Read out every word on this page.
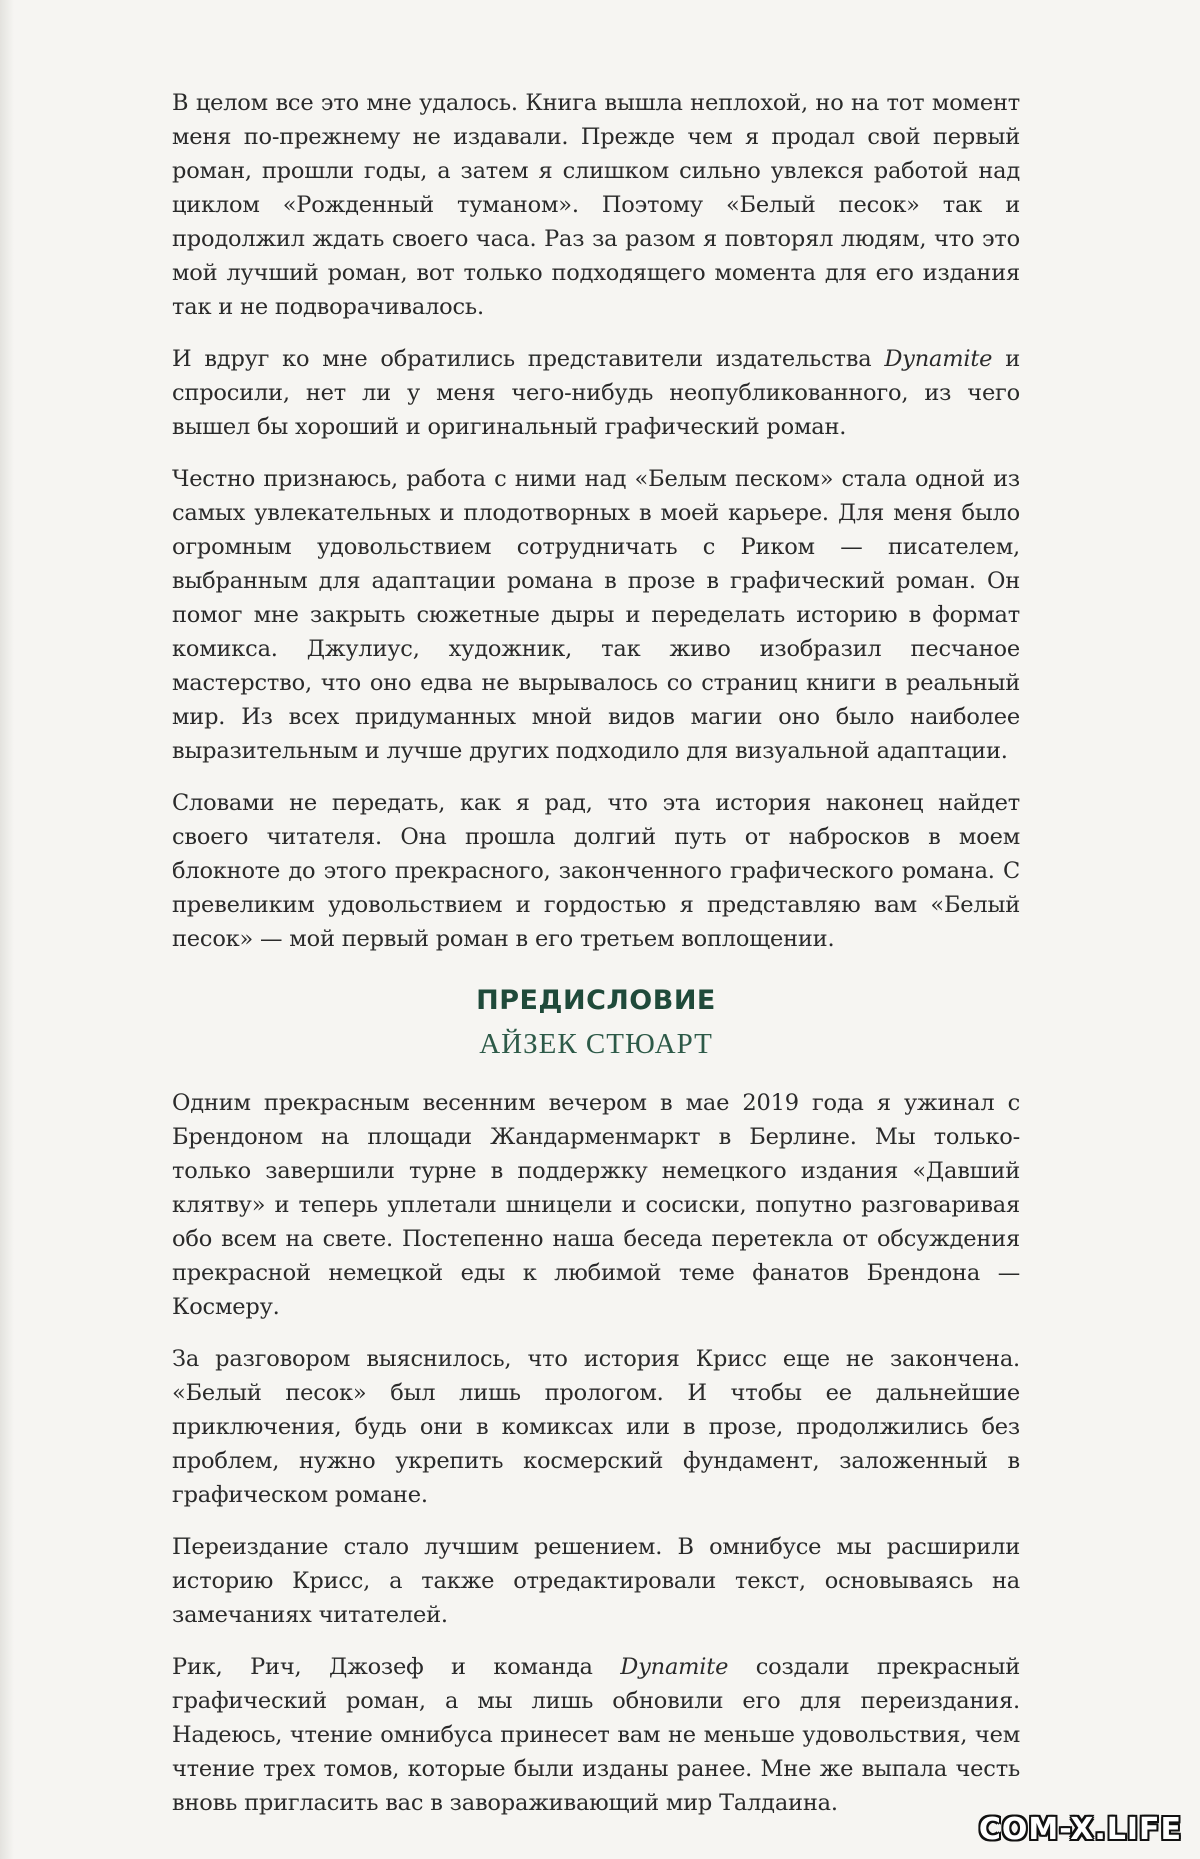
В целом все это мне удалось. Книга вышла неплохой, но на тот момент меня по-прежнему не издавали. Прежде чем я продал свой первый роман, прошли годы, а затем я слишком сильно увлекся работой над циклом «Рожденный туманом». Поэтому «Белый песок» так и продолжил ждать своего часа. Раз за разом я повторял людям, что это мой лучший роман, вот только подходящего момента для его издания так и не подворачивалось.

И вдруг ко мне обратились представители издательства Dynamite и спросили, нет ли у меня чего-нибудь неопубликованного, из чего вышел бы хороший и оригинальный графический роман.

Честно признаюсь, работа с ними над «Белым песком» стала одной из самых увлекательных и плодотворных в моей карьере. Для меня было огромным удовольствием сотрудничать с Риком — писателем, выбранным для адаптации романа в прозе в графический роман. Он помог мне закрыть сюжетные дыры и переделать историю в формат комикса. Джулиус, художник, так живо изобразил песчаное мастерство, что оно едва не вырывалось со страниц книги в реальный мир. Из всех придуманных мной видов магии оно было наиболее выразительным и лучше других подходило для визуальной адаптации.

Словами не передать, как я рад, что эта история наконец найдет своего читателя. Она прошла долгий путь от набросков в моем блокноте до этого прекрасного, законченного графического романа. С превеликим удовольствием и гордостью я представляю вам «Белый песок» — мой первый роман в его третьем воплощении.

ПРЕДИСЛОВИЕ
АЙЗЕК СТЮАРТ

Одним прекрасным весенним вечером в мае 2019 года я ужинал с Брендоном на площади Жандарменмаркт в Берлине. Мы только-только завершили турне в поддержку немецкого издания «Давший клятву» и теперь уплетали шницели и сосиски, попутно разговаривая обо всем на свете. Постепенно наша беседа перетекла от обсуждения прекрасной немецкой еды к любимой теме фанатов Брендона — Космеру.

За разговором выяснилось, что история Крисс еще не закончена. «Белый песок» был лишь прологом. И чтобы ее дальнейшие приключения, будь они в комиксах или в прозе, продолжились без проблем, нужно укрепить космерский фундамент, заложенный в графическом романе.

Переиздание стало лучшим решением. В омнибусе мы расширили историю Крисс, а также отредактировали текст, основываясь на замечаниях читателей.

Рик, Рич, Джозеф и команда Dynamite создали прекрасный графический роман, а мы лишь обновили его для переиздания. Надеюсь, чтение омнибуса принесет вам не меньше удовольствия, чем чтение трех томов, которые были изданы ранее. Мне же выпала честь вновь пригласить вас в завораживающий мир Талдаина.

COM-X.LIFE
